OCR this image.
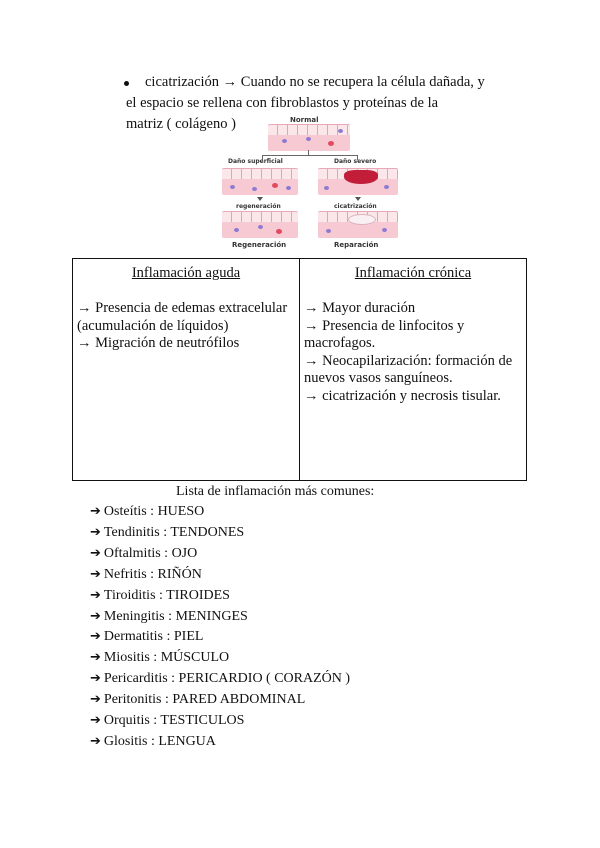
cicatrización → Cuando no se recupera la célula dañada, y
el espacio se rellena con fibroblastos y proteínas de la
matriz ( colágeno )	Normal
Daño superficial	Daño severo
regeneración	cicatrización
Regeneración	Reparación
Inflamación aguda

→ Presencia de edemas extracelular (acumulación de líquidos)

→ Migración de neutrófilos

Inflamación crónica

→ Mayor duración

→ Presencia de linfocitos y macrofagos.

→ Neocapilarización: formación de nuevos vasos sanguíneos.

→ cicatrización y necrosis tisular.

Lista de inflamación más comunes:
➔ Osteítis : HUESO
➔ Tendinitis : TENDONES
➔ Oftalmitis : OJO
➔ Nefritis : RIÑÓN
➔ Tiroiditis : TIROIDES
➔ Meningitis : MENINGES
➔ Dermatitis : PIEL
➔ Miositis : MÚSCULO
➔ Pericarditis : PERICARDIO ( CORAZÓN )
➔ Peritonitis : PARED ABDOMINAL
➔ Orquitis : TESTICULOS
➔ Glositis : LENGUA
